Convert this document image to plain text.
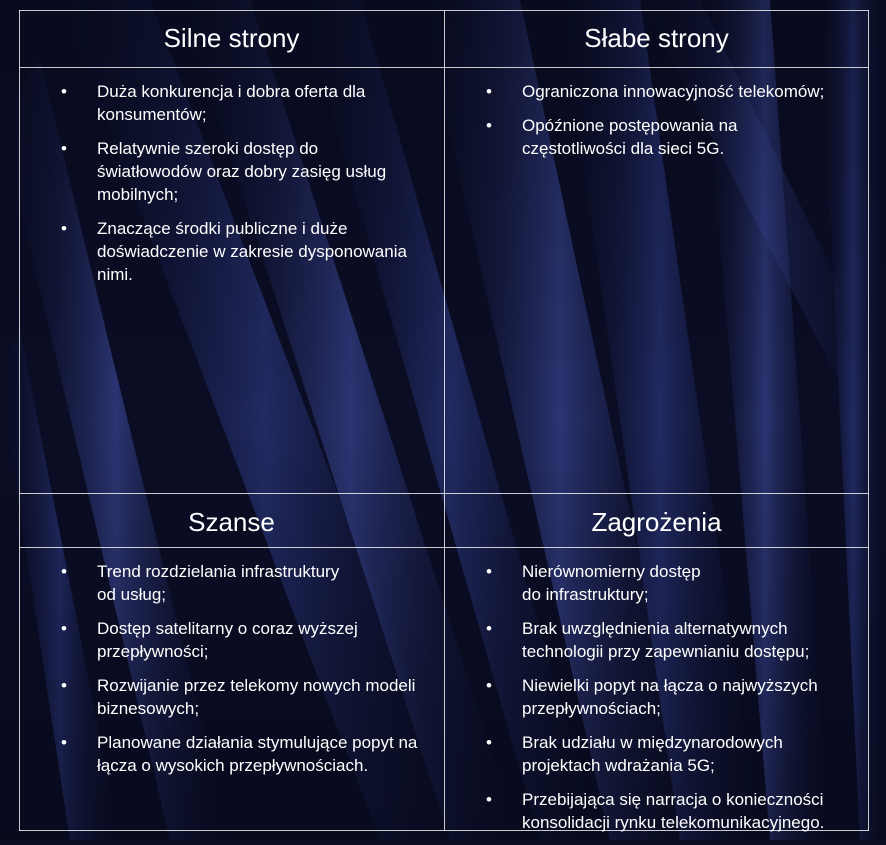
Silne strony
• Duża konkurencja i dobra oferta dla
konsumentów;
• Relatywnie szeroki dostęp do
światłowodów oraz dobry zasięg usług
mobilnych;
• Znaczące środki publiczne i duże
doświadczenie w zakresie dysponowania
nimi.
Słabe strony
• Ograniczona innowacyjność telekomów;
• Opóźnione postępowania na
częstotliwości dla sieci 5G.
Szanse
• Trend rozdzielania infrastruktury
od usług;
• Dostęp satelitarny o coraz wyższej
przepływności;
• Rozwijanie przez telekomy nowych modeli
biznesowych;
• Planowane działania stymulujące popyt na
łącza o wysokich przepływnościach.
Zagrożenia
• Nierównomierny dostęp
do infrastruktury;
• Brak uwzględnienia alternatywnych
technologii przy zapewnianiu dostępu;
• Niewielki popyt na łącza o najwyższych
przepływnościach;
• Brak udziału w międzynarodowych
projektach wdrażania 5G;
• Przebijająca się narracja o konieczności
konsolidacji rynku telekomunikacyjnego.
